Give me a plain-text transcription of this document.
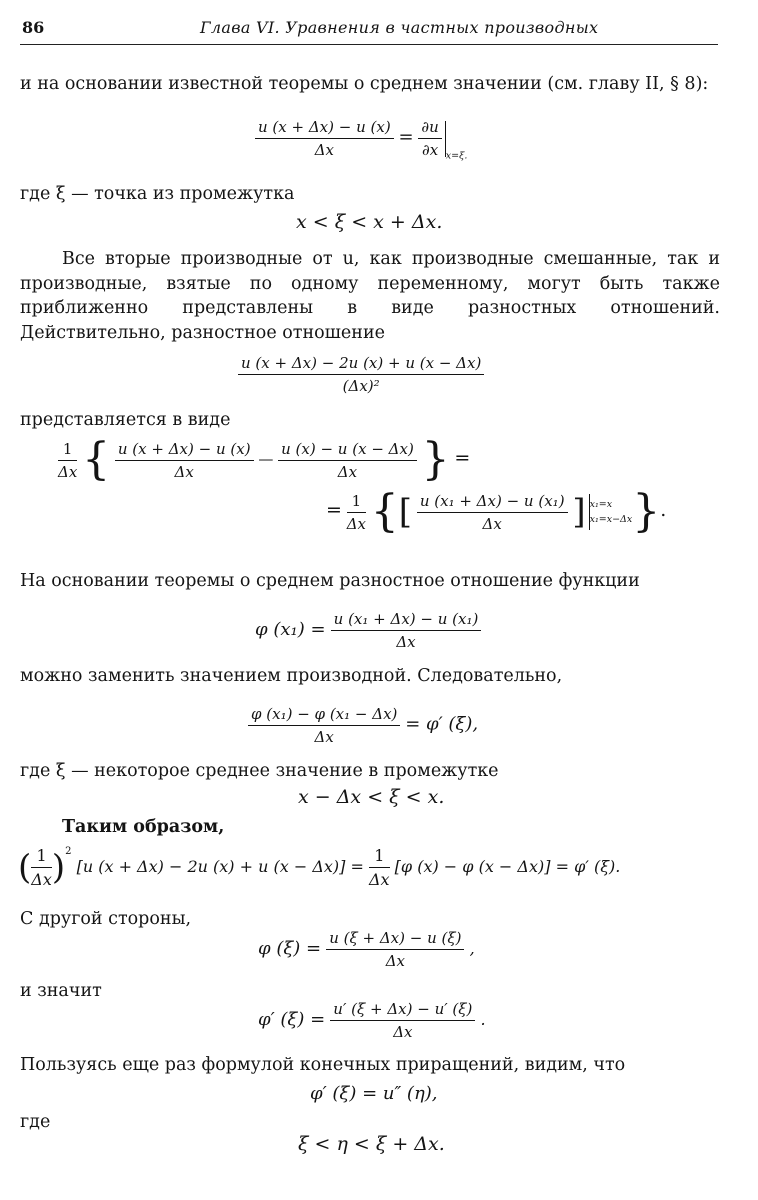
86	Глава VI. Уравнения в частных производных
и на основании известной теоремы о среднем значении (см. главу II, § 8):
$\frac{u (x + \Delta x) - u (x)}{\Delta x} = \frac{\partial u}{\partial x} _{x=\xi.}$
где ξ — точка из промежутка
x < ξ < x + Δx.
Все вторые производные от u, как производные смешанные, так и производные, взятые по одному переменному, могут быть также приближенно представлены в виде разностных отношений. Действительно, разностное отношение
$\frac{u (x + \Delta x) - 2u (x) + u (x - \Delta x)}{\text{(Δx)²}}$
представляется в виде
$\frac{1}{\Delta x}$ { $\frac{u (x + \Delta x) - u (x)}{\Delta x}$ — $\frac{u (x) - u (x - \Delta x)}{\Delta x}$ } =
= $\frac{1}{\Delta x}$ {[ $\frac{\text{u (x₁ + Δx) − u (x₁)}}{\Delta x}$ ] x₁=x
x₁=x−Δx }.
На основании теоремы о среднем разностное отношение функции
φ $(x_1) = \frac{\text{u (x₁ + Δx) − u (x₁)}}{\Delta x}$
можно заменить значением производной. Следовательно,
$\frac{\text{φ (x₁) − φ (x₁ − Δx)}}{\Delta x} = \varphi'$ (ξ),
где ξ — некоторое среднее значение в промежутке
x − Δx < ξ < x.
Таким образом,
( $\frac{1}{\Delta x} )^2$ [u (x + Δx) − 2u (x) + u $(x - \Delta x)] = \frac{1}{\Delta x} [\varphi$ (x) − φ (x − Δx)] = φ′ (ξ).
С другой стороны,
φ $(\xi) = \frac{u (\xi + \Delta x) - u (\xi)}{\Delta x}$ ,
и значит
φ′ $(\xi) = \frac{u' (\xi + \Delta x) - u' (\xi)}{\Delta x}$ .
Пользуясь еще раз формулой конечных приращений, видим, что
φ′ (ξ) = u″ (η),
где
ξ < η < ξ + Δx.
